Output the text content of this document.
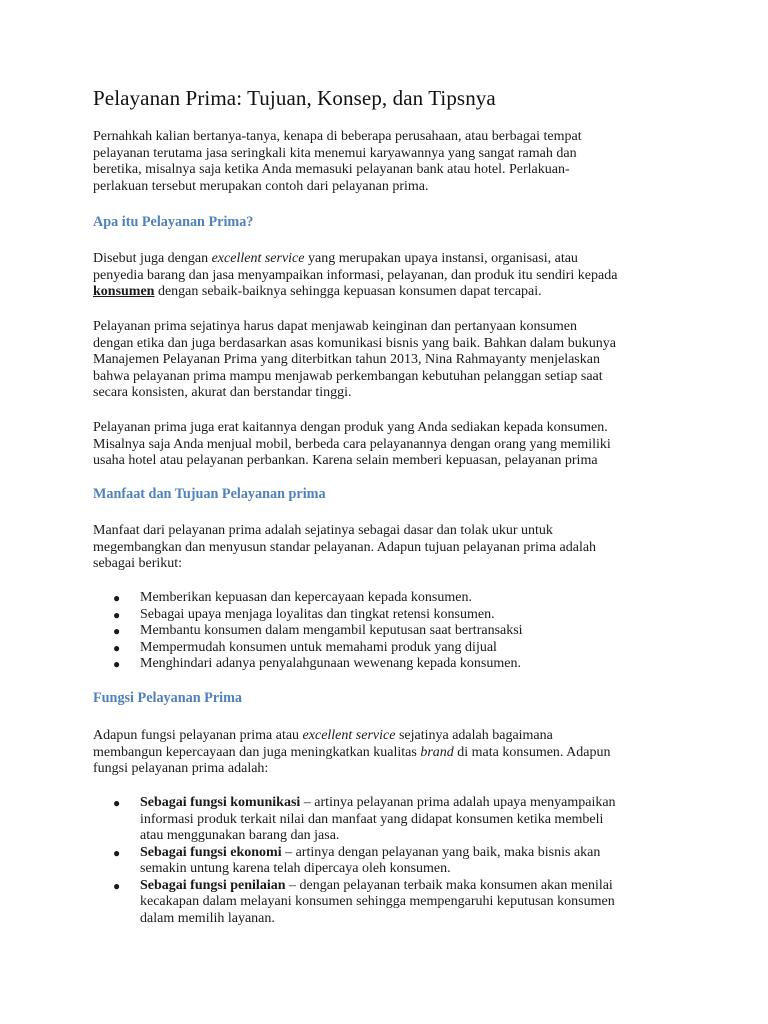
Pelayanan Prima: Tujuan, Konsep, dan Tipsnya

Pernahkah kalian bertanya-tanya, kenapa di beberapa perusahaan, atau berbagai tempat
pelayanan terutama jasa seringkali kita menemui karyawannya yang sangat ramah dan
beretika, misalnya saja ketika Anda memasuki pelayanan bank atau hotel. Perlakuan-
perlakuan tersebut merupakan contoh dari pelayanan prima.

Apa itu Pelayanan Prima?

Disebut juga dengan excellent service yang merupakan upaya instansi, organisasi, atau
penyedia barang dan jasa menyampaikan informasi, pelayanan, dan produk itu sendiri kepada
konsumen dengan sebaik-baiknya sehingga kepuasan konsumen dapat tercapai.

Pelayanan prima sejatinya harus dapat menjawab keinginan dan pertanyaan konsumen
dengan etika dan juga berdasarkan asas komunikasi bisnis yang baik. Bahkan dalam bukunya
Manajemen Pelayanan Prima yang diterbitkan tahun 2013, Nina Rahmayanty menjelaskan
bahwa pelayanan prima mampu menjawab perkembangan kebutuhan pelanggan setiap saat
secara konsisten, akurat dan berstandar tinggi.

Pelayanan prima juga erat kaitannya dengan produk yang Anda sediakan kepada konsumen.
Misalnya saja Anda menjual mobil, berbeda cara pelayanannya dengan orang yang memiliki
usaha hotel atau pelayanan perbankan. Karena selain memberi kepuasan, pelayanan prima

Manfaat dan Tujuan Pelayanan prima

Manfaat dari pelayanan prima adalah sejatinya sebagai dasar dan tolak ukur untuk
megembangkan dan menyusun standar pelayanan. Adapun tujuan pelayanan prima adalah
sebagai berikut:

● Memberikan kepuasan dan kepercayaan kepada konsumen.
● Sebagai upaya menjaga loyalitas dan tingkat retensi konsumen.
● Membantu konsumen dalam mengambil keputusan saat bertransaksi
● Mempermudah konsumen untuk memahami produk yang dijual
● Menghindari adanya penyalahgunaan wewenang kepada konsumen.
Fungsi Pelayanan Prima

Adapun fungsi pelayanan prima atau excellent service sejatinya adalah bagaimana
membangun kepercayaan dan juga meningkatkan kualitas brand di mata konsumen. Adapun
fungsi pelayanan prima adalah:

● Sebagai fungsi komunikasi – artinya pelayanan prima adalah upaya menyampaikan
informasi produk terkait nilai dan manfaat yang didapat konsumen ketika membeli
atau menggunakan barang dan jasa.
● Sebagai fungsi ekonomi – artinya dengan pelayanan yang baik, maka bisnis akan
semakin untung karena telah dipercaya oleh konsumen.
● Sebagai fungsi penilaian – dengan pelayanan terbaik maka konsumen akan menilai
kecakapan dalam melayani konsumen sehingga mempengaruhi keputusan konsumen
dalam memilih layanan.
